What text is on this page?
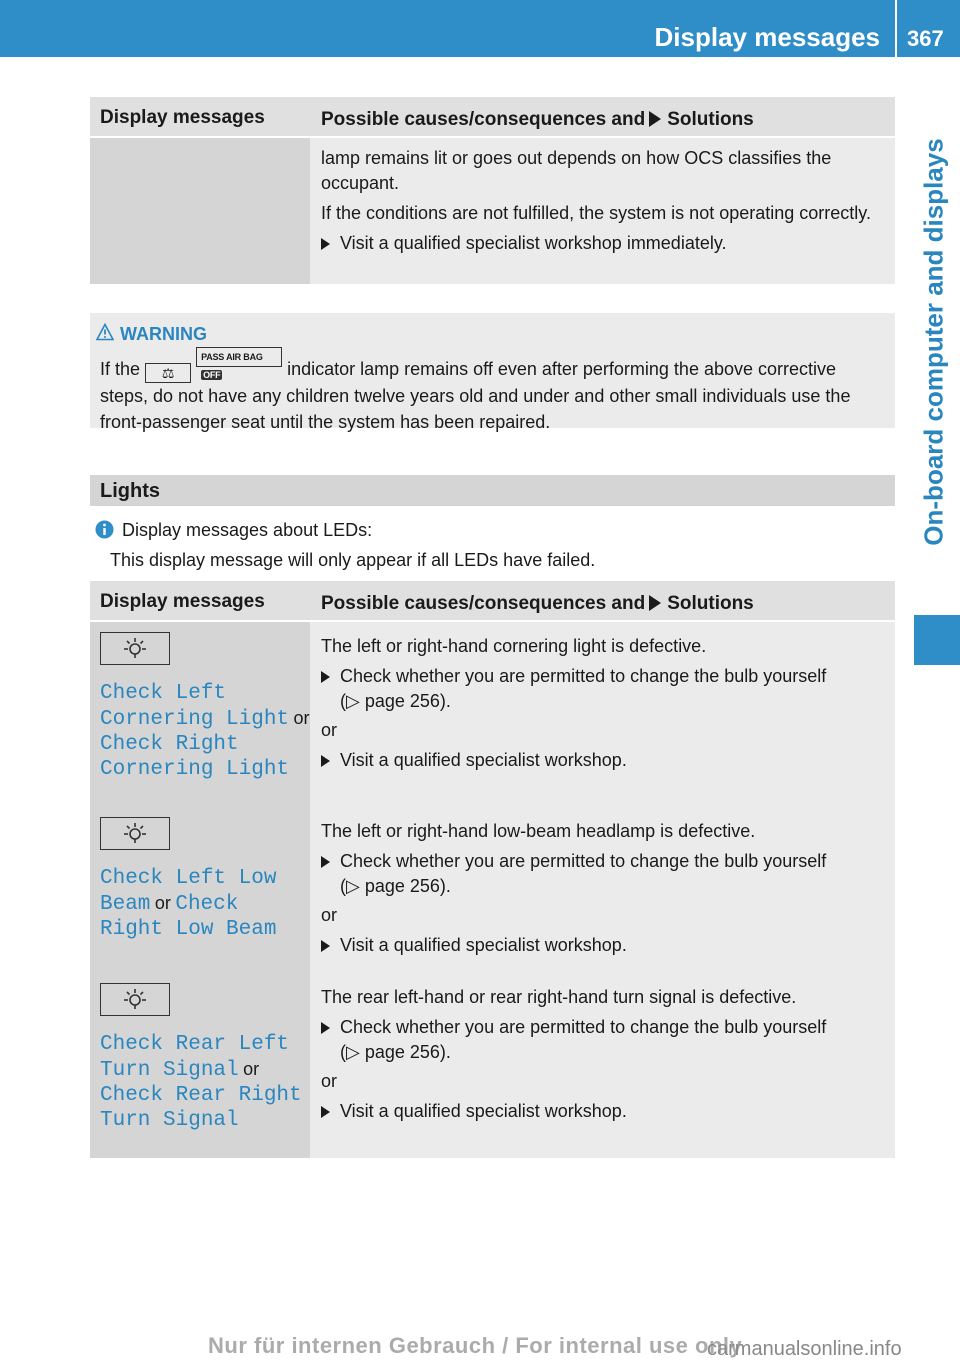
Display messages 367
On-board computer and displays
Display messages	Possible causes/consequences and Solutions

lamp remains lit or goes out depends on how OCS classifies the occupant.

If the conditions are not fulfilled, the system is not operating correctly.

Visit a qualified specialist workshop immediately.
WARNING
If the ⚖ PASS AIR BAG OFF	indicator lamp remains off even after performing the above corrective steps, do not have any children twelve years old and under and other small individuals use the front-passenger seat until the system has been repaired.
Lights
Display messages about LEDs:
This display message will only appear if all LEDs have failed.
Display messages	Possible causes/consequences and Solutions
Check Left Cornering Light or Check Right Cornering Light

The left or right-hand cornering light is defective.

Check whether you are permitted to change the bulb yourself
(▷ page 256).

or

Visit a qualified specialist workshop.
Check Left Low Beam or Check Right Low Beam

The left or right-hand low-beam headlamp is defective.

Check whether you are permitted to change the bulb yourself
(▷ page 256).

or

Visit a qualified specialist workshop.
Check Rear Left Turn Signal or Check Rear Right Turn Signal

The rear left-hand or rear right-hand turn signal is defective.

Check whether you are permitted to change the bulb yourself
(▷ page 256).

or

Visit a qualified specialist workshop.
Nur für internen Gebrauch / For internal use only
carmanualsonline.info
